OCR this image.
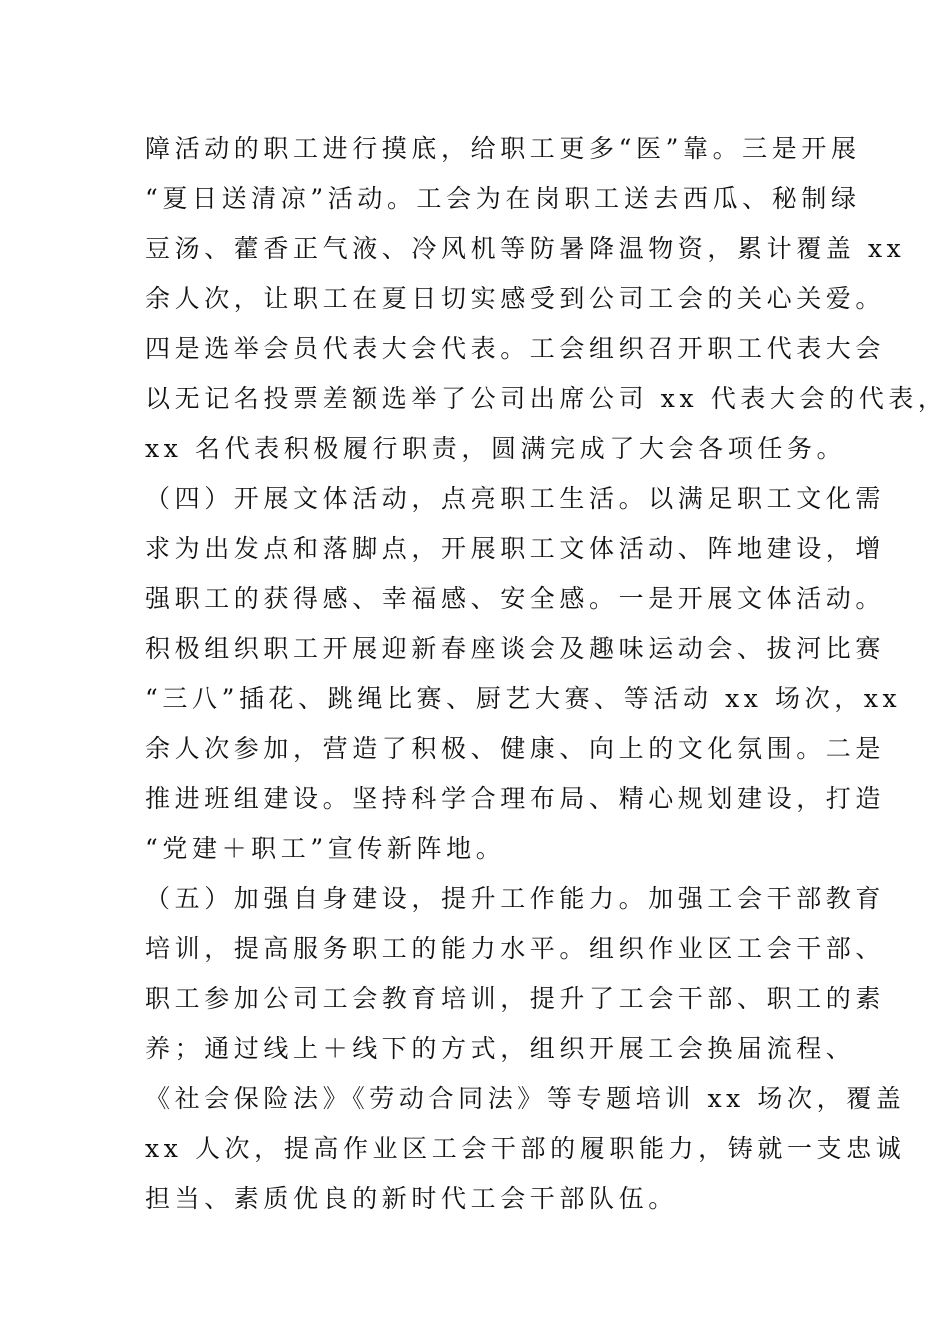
障活动的职工进行摸底，给职工更多“医”靠。三是开展
“夏日送清凉”活动。工会为在岗职工送去西瓜、秘制绿
豆汤、藿香正气液、冷风机等防暑降温物资，累计覆盖 xx
余人次，让职工在夏日切实感受到公司工会的关心关爱。
四是选举会员代表大会代表。工会组织召开职工代表大会
以无记名投票差额选举了公司出席公司 xx 代表大会的代表，
xx 名代表积极履行职责，圆满完成了大会各项任务。
（四）开展文体活动，点亮职工生活。以满足职工文化需
求为出发点和落脚点，开展职工文体活动、阵地建设，增
强职工的获得感、幸福感、安全感。一是开展文体活动。
积极组织职工开展迎新春座谈会及趣味运动会、拔河比赛
“三八”插花、跳绳比赛、厨艺大赛、等活动 xx 场次，xx
余人次参加，营造了积极、健康、向上的文化氛围。二是
推进班组建设。坚持科学合理布局、精心规划建设，打造
“党建＋职工”宣传新阵地。
（五）加强自身建设，提升工作能力。加强工会干部教育
培训，提高服务职工的能力水平。组织作业区工会干部、
职工参加公司工会教育培训，提升了工会干部、职工的素
养；通过线上＋线下的方式，组织开展工会换届流程、
《社会保险法》《劳动合同法》等专题培训 xx 场次，覆盖
xx 人次，提高作业区工会干部的履职能力，铸就一支忠诚
担当、素质优良的新时代工会干部队伍。
